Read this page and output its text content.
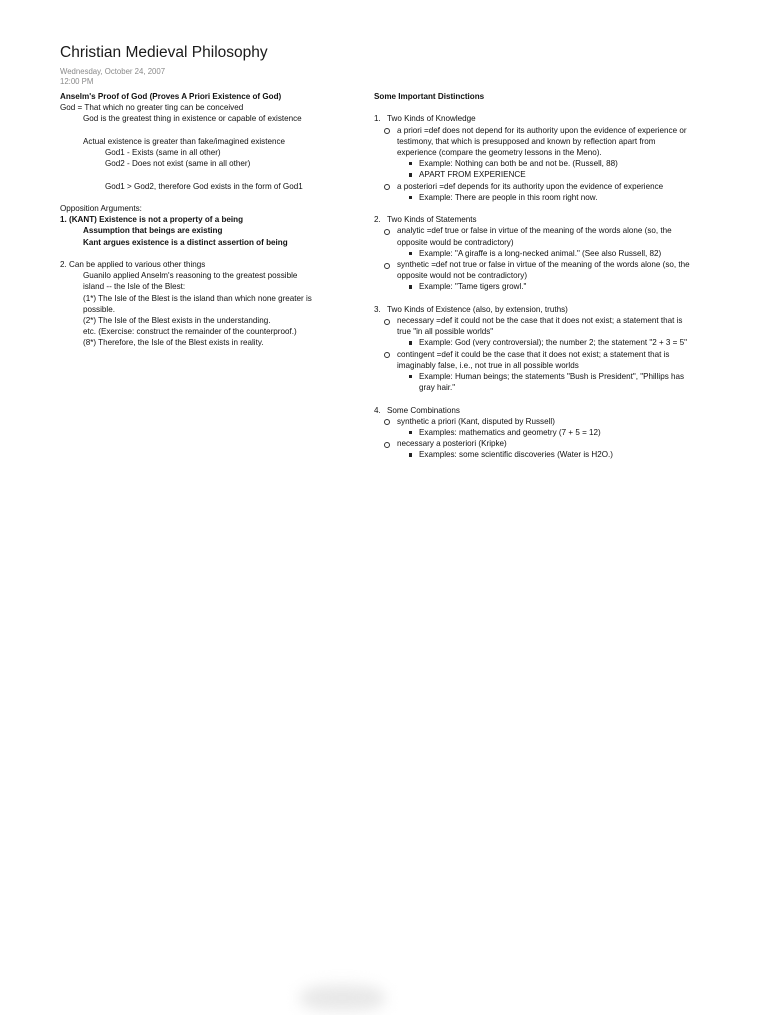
Christian Medieval Philosophy
Wednesday, October 24, 2007
12:00 PM
Anselm's Proof of God (Proves A Priori Existence of God)
God = That which no greater ting can be conceived
God is the greatest thing in existence or capable of existence
Actual existence is greater than fake/imagined existence
God1 - Exists (same in all other)
God2 - Does not exist (same in all other)
God1 > God2, therefore God exists in the form of God1
Opposition Arguments:
1. (KANT) Existence is not a property of a being
Assumption that beings are existing
Kant argues existence is a distinct assertion of being
2. Can be applied to various other things
Guanilo applied Anselm's reasoning to the greatest possible
island -- the Isle of the Blest:
(1*) The Isle of the Blest is the island than which none greater is
possible.
(2*) The Isle of the Blest exists in the understanding.
etc. (Exercise: construct the remainder of the counterproof.)
(8*) Therefore, the Isle of the Blest exists in reality.
Some Important Distinctions
1. Two Kinds of Knowledge
a priori =def does not depend for its authority upon the evidence of experience or testimony, that which is presupposed and known by reflection apart from experience (compare the geometry lessons in the Meno).
Example: Nothing can both be and not be. (Russell, 88)
APART FROM EXPERIENCE
a posteriori =def depends for its authority upon the evidence of experience
Example: There are people in this room right now.
2. Two Kinds of Statements
analytic =def true or false in virtue of the meaning of the words alone (so, the opposite would be contradictory)
Example: "A giraffe is a long-necked animal." (See also Russell, 82)
synthetic =def not true or false in virtue of the meaning of the words alone (so, the opposite would not be contradictory)
Example: "Tame tigers growl."
3. Two Kinds of Existence (also, by extension, truths)
necessary =def it could not be the case that it does not exist; a statement that is true "in all possible worlds"
Example: God (very controversial); the number 2; the statement "2 + 3 = 5"
contingent =def it could be the case that it does not exist; a statement that is imaginably false, i.e., not true in all possible worlds
Example: Human beings; the statements "Bush is President", "Phillips has gray hair."
4. Some Combinations
synthetic a priori (Kant, disputed by Russell)
Examples: mathematics and geometry (7 + 5 = 12)
necessary a posteriori (Kripke)
Examples: some scientific discoveries (Water is H2O.)
